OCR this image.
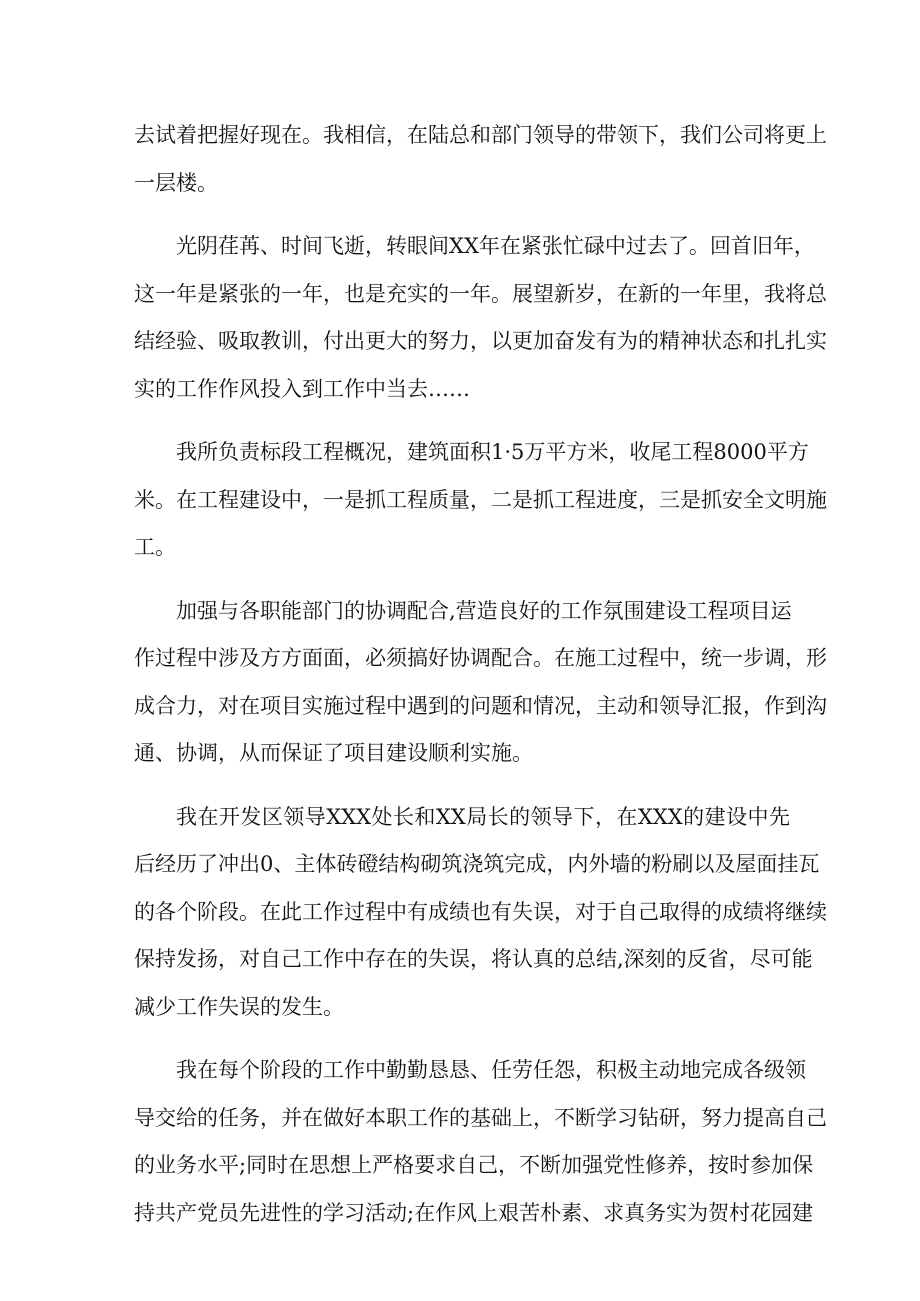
去试着把握好现在。我相信，在陆总和部门领导的带领下，我们公司将更上
一层楼。
光阴荏苒、时间飞逝，转眼间XX年在紧张忙碌中过去了。回首旧年，
这一年是紧张的一年，也是充实的一年。展望新岁，在新的一年里，我将总
结经验、吸取教训，付出更大的努力，以更加奋发有为的精神状态和扎扎实
实的工作作风投入到工作中当去……
我所负责标段工程概况，建筑面积1·5万平方米，收尾工程8000平方
米。在工程建设中，一是抓工程质量，二是抓工程进度，三是抓安全文明施
工。
加强与各职能部门的协调配合,营造良好的工作氛围建设工程项目运
作过程中涉及方方面面，必须搞好协调配合。在施工过程中，统一步调，形
成合力，对在项目实施过程中遇到的问题和情况，主动和领导汇报，作到沟
通、协调，从而保证了项目建设顺利实施。
我在开发区领导XXX处长和XX局长的领导下，在XXX的建设中先
后经历了冲出0、主体砖磴结构砌筑浇筑完成，内外墙的粉刷以及屋面挂瓦
的各个阶段。在此工作过程中有成绩也有失误，对于自己取得的成绩将继续
保持发扬，对自己工作中存在的失误，将认真的总结,深刻的反省，尽可能
减少工作失误的发生。
我在每个阶段的工作中勤勤恳恳、任劳任怨，积极主动地完成各级领
导交给的任务，并在做好本职工作的基础上，不断学习钻研，努力提高自己
的业务水平;同时在思想上严格要求自己，不断加强党性修养，按时参加保
持共产党员先进性的学习活动;在作风上艰苦朴素、求真务实为贺村花园建
